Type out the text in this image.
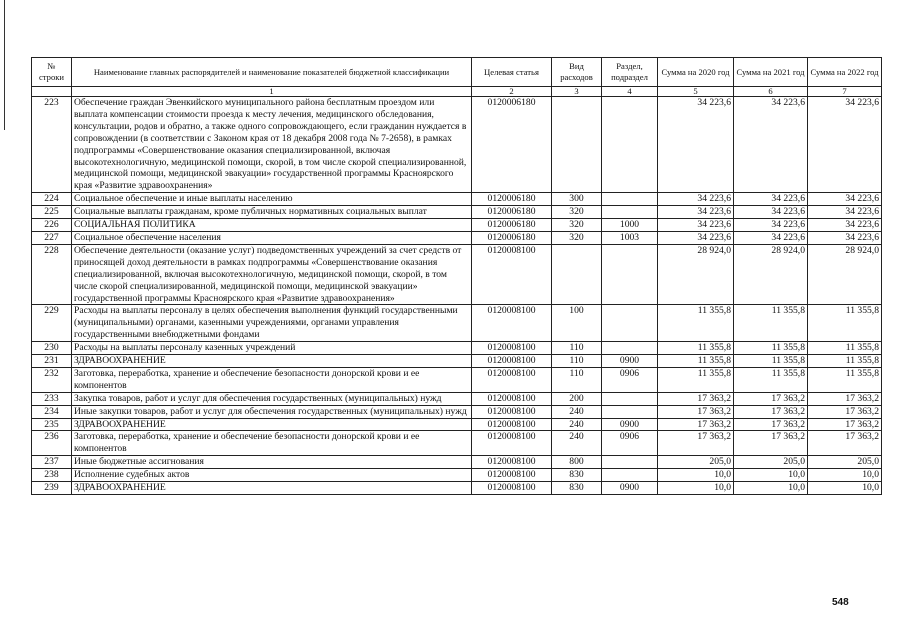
№ строки	Наименование главных распорядителей и наименование показателей бюджетной классификации	Целевая статья	Вид расходов	Раздел, подраздел	Сумма на 2020 год	Сумма на 2021 год	Сумма на 2022 год
	1	2	3	4	5	6	7
223	Обеспечение граждан Эвенкийского муниципального района бесплатным проездом или выплата компенсации стоимости проезда к месту лечения, медицинского обследования, консультации, родов и обратно, а также одного сопровождающего, если гражданин нуждается в сопровождении (в соответствии с Законом края от 18 декабря 2008 года № 7-2658), в рамках подпрограммы «Совершенствование оказания специализированной, включая высокотехнологичную, медицинской помощи, скорой, в том числе скорой специализированной, медицинской помощи, медицинской эвакуации» государственной программы Красноярского края «Развитие здравоохранения»	0120006180			34 223,6	34 223,6	34 223,6
224	Социальное обеспечение и иные выплаты населению	0120006180	300		34 223,6	34 223,6	34 223,6
225	Социальные выплаты гражданам, кроме публичных нормативных социальных выплат	0120006180	320		34 223,6	34 223,6	34 223,6
226	СОЦИАЛЬНАЯ ПОЛИТИКА	0120006180	320	1000	34 223,6	34 223,6	34 223,6
227	Социальное обеспечение населения	0120006180	320	1003	34 223,6	34 223,6	34 223,6
228	Обеспечение деятельности (оказание услуг) подведомственных учреждений за счет средств от приносящей доход деятельности в рамках подпрограммы «Совершенствование оказания специализированной, включая высокотехнологичную, медицинской помощи, скорой, в том числе скорой специализированной, медицинской помощи, медицинской эвакуации» государственной программы Красноярского края «Развитие здравоохранения»	0120008100			28 924,0	28 924,0	28 924,0
229	Расходы на выплаты персоналу в целях обеспечения выполнения функций государственными (муниципальными) органами, казенными учреждениями, органами управления государственными внебюджетными фондами	0120008100	100		11 355,8	11 355,8	11 355,8
230	Расходы на выплаты персоналу казенных учреждений	0120008100	110		11 355,8	11 355,8	11 355,8
231	ЗДРАВООХРАНЕНИЕ	0120008100	110	0900	11 355,8	11 355,8	11 355,8
232	Заготовка, переработка, хранение и обеспечение безопасности донорской крови и ее компонентов	0120008100	110	0906	11 355,8	11 355,8	11 355,8
233	Закупка товаров, работ и услуг для обеспечения государственных (муниципальных) нужд	0120008100	200		17 363,2	17 363,2	17 363,2
234	Иные закупки товаров, работ и услуг для обеспечения государственных (муниципальных) нужд	0120008100	240		17 363,2	17 363,2	17 363,2
235	ЗДРАВООХРАНЕНИЕ	0120008100	240	0900	17 363,2	17 363,2	17 363,2
236	Заготовка, переработка, хранение и обеспечение безопасности донорской крови и ее компонентов	0120008100	240	0906	17 363,2	17 363,2	17 363,2
237	Иные бюджетные ассигнования	0120008100	800		205,0	205,0	205,0
238	Исполнение судебных актов	0120008100	830		10,0	10,0	10,0
239	ЗДРАВООХРАНЕНИЕ	0120008100	830	0900	10,0	10,0	10,0
548
